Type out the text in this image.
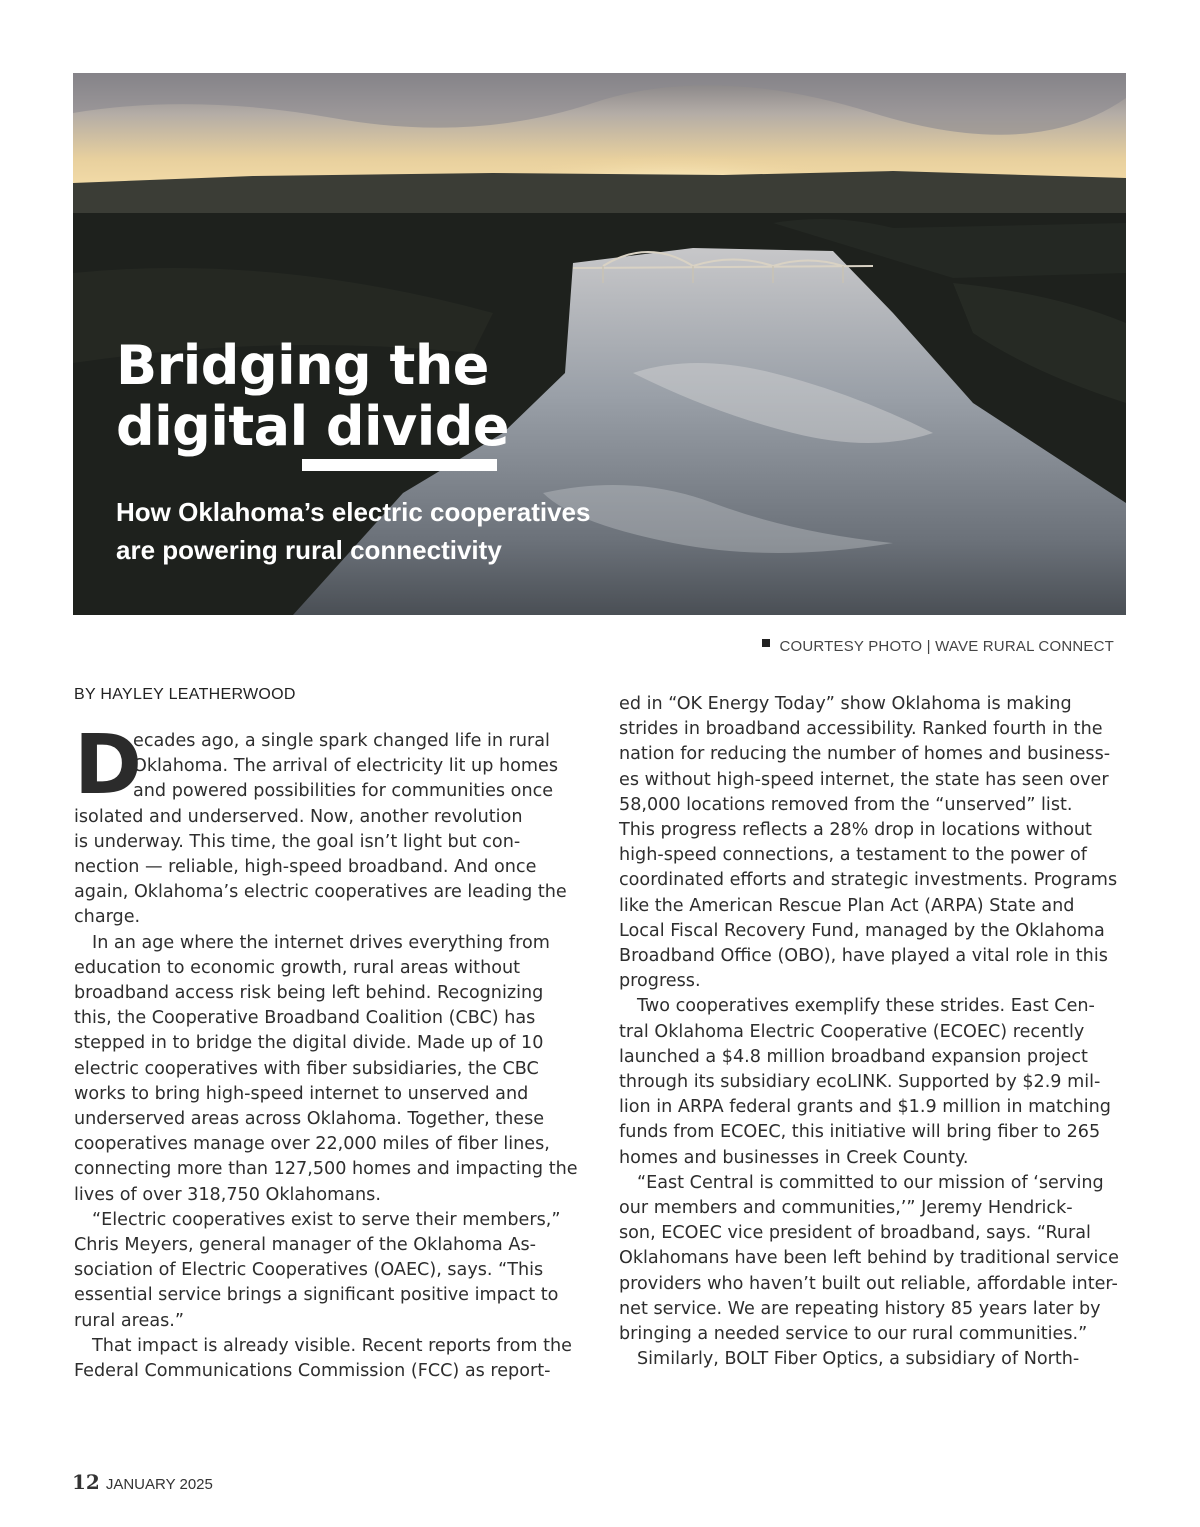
Bridging the
digital divide
How Oklahoma’s electric cooperatives
are powering rural connectivity
COURTESY PHOTO | WAVE RURAL CONNECT
BY HAYLEY LEATHERWOOD

D
ecades ago, a single spark changed life in rural
Oklahoma. The arrival of electricity lit up homes
and powered possibilities for communities once
isolated and underserved. Now, another revolution
is underway. This time, the goal isn’t light but con-
nection — reliable, high-speed broadband. And once
again, Oklahoma’s electric cooperatives are leading the
charge.

In an age where the internet drives everything from
education to economic growth, rural areas without
broadband access risk being left behind. Recognizing
this, the Cooperative Broadband Coalition (CBC) has
stepped in to bridge the digital divide. Made up of 10
electric cooperatives with fiber subsidiaries, the CBC
works to bring high-speed internet to unserved and
underserved areas across Oklahoma. Together, these
cooperatives manage over 22,000 miles of fiber lines,
connecting more than 127,500 homes and impacting the
lives of over 318,750 Oklahomans.

“Electric cooperatives exist to serve their members,”
Chris Meyers, general manager of the Oklahoma As-
sociation of Electric Cooperatives (OAEC), says. “This
essential service brings a significant positive impact to
rural areas.”

That impact is already visible. Recent reports from the
Federal Communications Commission (FCC) as report-

ed in “OK Energy Today” show Oklahoma is making
strides in broadband accessibility. Ranked fourth in the
nation for reducing the number of homes and business-
es without high-speed internet, the state has seen over
58,000 locations removed from the “unserved” list.
This progress reflects a 28% drop in locations without
high-speed connections, a testament to the power of
coordinated efforts and strategic investments. Programs
like the American Rescue Plan Act (ARPA) State and
Local Fiscal Recovery Fund, managed by the Oklahoma
Broadband Office (OBO), have played a vital role in this
progress.

Two cooperatives exemplify these strides. East Cen-
tral Oklahoma Electric Cooperative (ECOEC) recently
launched a $4.8 million broadband expansion project
through its subsidiary ecoLINK. Supported by $2.9 mil-
lion in ARPA federal grants and $1.9 million in matching
funds from ECOEC, this initiative will bring fiber to 265
homes and businesses in Creek County.

“East Central is committed to our mission of ‘serving
our members and communities,’” Jeremy Hendrick-
son, ECOEC vice president of broadband, says. “Rural
Oklahomans have been left behind by traditional service
providers who haven’t built out reliable, affordable inter-
net service. We are repeating history 85 years later by
bringing a needed service to our rural communities.”

Similarly, BOLT Fiber Optics, a subsidiary of North-

12 JANUARY 2025
